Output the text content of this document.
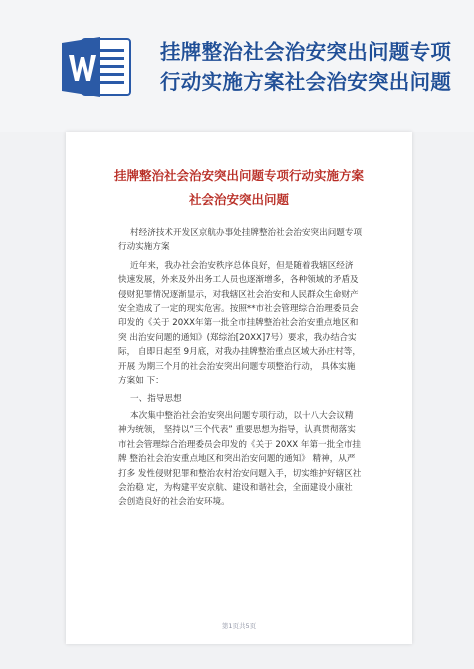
挂牌整治社会治安突出问题专项行动实施方案社会治安突出问题
挂牌整治社会治安突出问题专项行动实施方案
社会治安突出问题

村经济技术开发区京航办事处挂牌整治社会治安突出问题专项行动实施方案

近年来，我办社会治安秩序总体良好，但是随着我辖区经济 快速发展，外来及外出务工人员也逐渐增多，各种领域的矛盾及 侵财犯罪情况逐渐显示，对我辖区社会治安和人民群众生命财产 安全造成了一定的现实危害。按照**市社会管理综合治理委员会 印发的《关于 20XX年第一批全市挂牌整治社会治安重点地区和突 出治安问题的通知》(郑综治[20XX]7号）要求，我办结合实际， 自即日起至 9月底，对我办挂牌整治重点区域大孙庄村等，开展 为期三个月的社会治安突出问题专项整治行动， 具体实施方案如 下：

一、指导思想

本次集中整治社会治安突出问题专项行动，以十八大会议精 神为统领， 坚持以“三个代表” 重要思想为指导，认真贯彻落实 市社会管理综合治理委员会印发的《关于 20XX 年第一批全市挂牌 整治社会治安重点地区和突出治安问题的通知》 精神，从严打多 发性侵财犯罪和整治农村治安问题入手，切实维护好辖区社会治稳 定，为构建平安京航、建设和谐社会，全面建设小康社 会创造良好的社会治安环境。

第1页共5页
